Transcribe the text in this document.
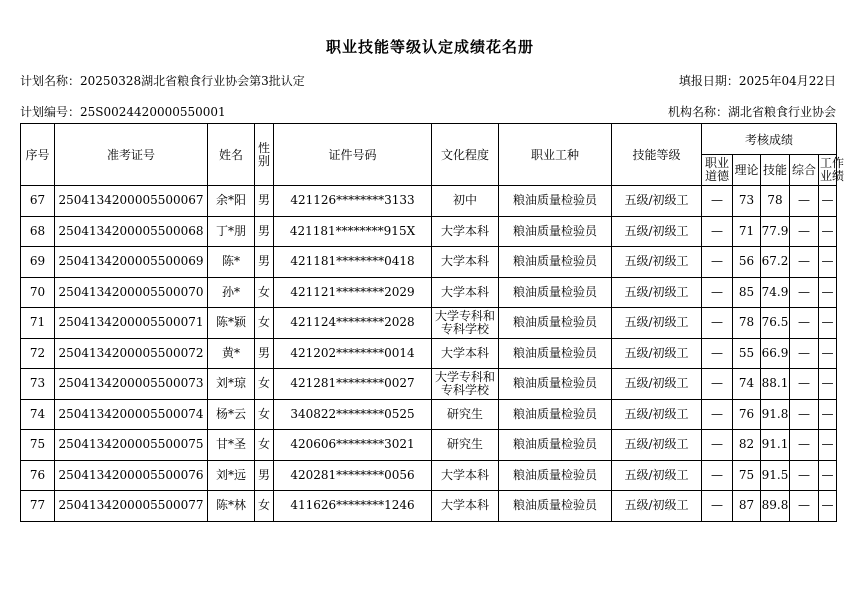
职业技能等级认定成绩花名册
计划名称：20250328湖北省粮食行业协会第3批认定	填报日期：2025年04月22日
计划编号：25S0024420000550001	机构名称：湖北省粮食行业协会
序号	准考证号	姓名	性别	证件号码	文化程度	职业工种	技能等级	考核成绩				
								职业道德	理论	技能	综合	工作业绩
67	2504134200005500067	余*阳	男	421126********3133	初中	粮油质量检验员	五级/初级工	—	73	78	—	—
68	2504134200005500068	丁*朋	男	421181********915X	大学本科	粮油质量检验员	五级/初级工	—	71	77.9	—	—
69	2504134200005500069	陈*	男	421181********0418	大学本科	粮油质量检验员	五级/初级工	—	56	67.2	—	—
70	2504134200005500070	孙*	女	421121********2029	大学本科	粮油质量检验员	五级/初级工	—	85	74.9	—	—
71	2504134200005500071	陈*颖	女	421124********2028	大学专科和专科学校	粮油质量检验员	五级/初级工	—	78	76.5	—	—
72	2504134200005500072	黄*	男	421202********0014	大学本科	粮油质量检验员	五级/初级工	—	55	66.9	—	—
73	2504134200005500073	刘*琼	女	421281********0027	大学专科和专科学校	粮油质量检验员	五级/初级工	—	74	88.1	—	—
74	2504134200005500074	杨*云	女	340822********0525	研究生	粮油质量检验员	五级/初级工	—	76	91.8	—	—
75	2504134200005500075	甘*圣	女	420606********3021	研究生	粮油质量检验员	五级/初级工	—	82	91.1	—	—
76	2504134200005500076	刘*远	男	420281********0056	大学本科	粮油质量检验员	五级/初级工	—	75	91.5	—	—
77	2504134200005500077	陈*林	女	411626********1246	大学本科	粮油质量检验员	五级/初级工	—	87	89.8	—	—
